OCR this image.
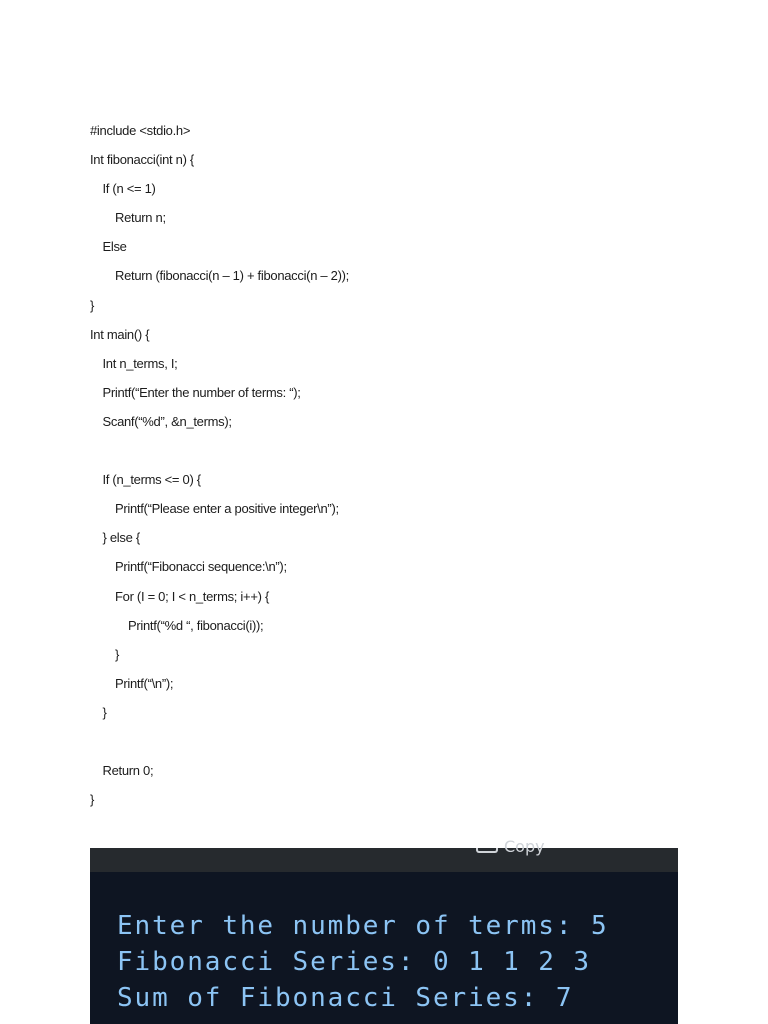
#include <stdio.h>
Int fibonacci(int n) {
If (n <= 1)
Return n;
Else
Return (fibonacci(n – 1) + fibonacci(n – 2));
}
Int main() {
Int n_terms, I;
Printf(“Enter the number of terms: “);
Scanf(“%d”, &n_terms);
If (n_terms <= 0) {
Printf(“Please enter a positive integer\n”);
} else {
Printf(“Fibonacci sequence:\n”);
For (I = 0; I < n_terms; i++) {
Printf(“%d “, fibonacci(i));
}
Printf(“\n”);
}
Return 0;
}
Copy
Enter the number of terms: 5
Fibonacci Series: 0 1 1 2 3
Sum of Fibonacci Series: 7
